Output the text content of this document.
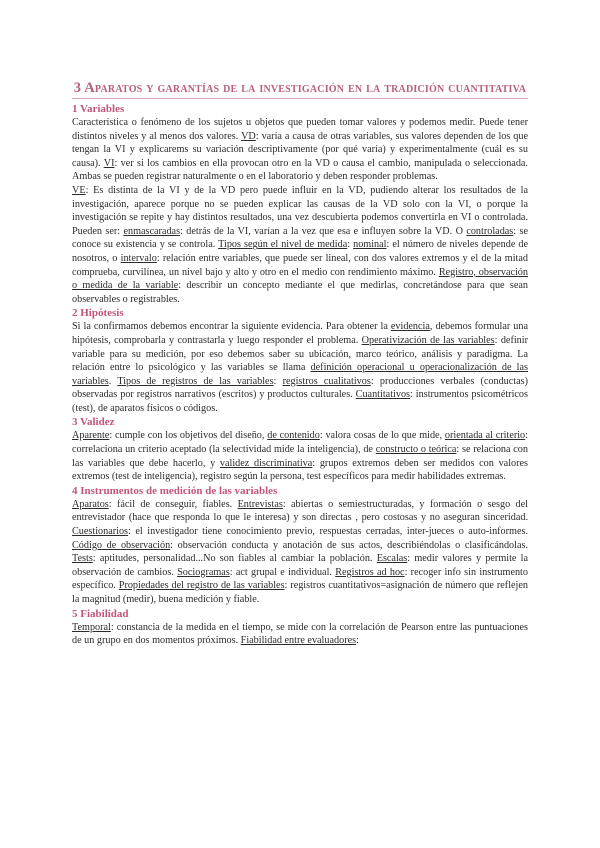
3 Aparatos y garantías de la investigación en la tradición cuantitativa
1 Variables

Característica o fenómeno de los sujetos u objetos que pueden tomar valores y podemos medir. Puede tener distintos niveles y al menos dos valores. VD: varía a causa de otras variables, sus valores dependen de los que tengan la VI y explicarems su variación descriptivamente (por qué varía) y experimentalmente (cuál es su causa). VI: ver si los cambios en ella provocan otro en la VD o causa el cambio, manipulada o seleccionada. Ambas se pueden registrar naturalmente o en el laboratorio y deben responder problemas.

VE: Es distinta de la VI y de la VD pero puede influir en la VD, pudiendo alterar los resultados de la investigación, aparece porque no se pueden explicar las causas de la VD solo con la VI, o porque la investigación se repite y hay distintos resultados, una vez descubierta podemos convertirla en VI o controlada. Pueden ser: enmascaradas: detrás de la VI, varían a la vez que esa e influyen sobre la VD. O controladas: se conoce su existencia y se controla. Tipos según el nivel de medida: nominal: el número de niveles depende de nosotros, o intervalo: relación entre variables, que puede ser lineal, con dos valores extremos y el de la mitad comprueba, curvilínea, un nivel bajo y alto y otro en el medio con rendimiento máximo. Registro, observación o medida de la variable: describir un concepto mediante el que medirlas, concretándose para que sean observables o registrables.

2 Hipótesis

Si la confirmamos debemos encontrar la siguiente evidencia. Para obtener la evidencia, debemos formular una hipótesis, comprobarla y contrastarla y luego responder el problema. Operativización de las variables: definir variable para su medición, por eso debemos saber su ubicación, marco teórico, análisis y paradigma. La relación entre lo psicológico y las variables se llama definición operacional u operacionalización de las variables. Tipos de registros de las variables: registros cualitativos: producciones verbales (conductas) observadas por registros narrativos (escritos) y productos culturales. Cuantitativos: instrumentos psicométricos (test), de aparatos físicos o códigos.

3 Validez

Aparente: cumple con los objetivos del diseño, de contenido: valora cosas de lo que mide, orientada al criterio: correlaciona un criterio aceptado (la selectividad mide la inteligencia), de constructo o teórica: se relaciona con las variables que debe hacerlo, y validez discriminativa: grupos extremos deben ser medidos con valores extremos (test de inteligencia), registro según la persona, test específicos para medir habilidades extremas.

4 Instrumentos de medición de las variables

Aparatos: fácil de conseguir, fiables. Entrevistas: abiertas o semiestructuradas, y formación o sesgo del entrevistador (hace que responda lo que le interesa) y son directas , pero costosas y no aseguran sinceridad. Cuestionarios: el investigador tiene conocimiento previo, respuestas cerradas, inter-jueces o auto-informes. Código de observación: observación conducta y anotación de sus actos, describiéndolas o clasificándolas. Tests: aptitudes, personalidad...No son fiables al cambiar la población. Escalas: medir valores y permite la observación de cambios. Sociogramas: act grupal e individual. Registros ad hoc: recoger info sin instrumento específico. Propiedades del registro de las variables: registros cuantitativos=asignación de número que reflejen la magnitud (medir), buena medición y fiable.

5 Fiabilidad

Temporal: constancia de la medida en el tiempo, se mide con la correlación de Pearson entre las puntuaciones de un grupo en dos momentos próximos. Fiabilidad entre evaluadores:
